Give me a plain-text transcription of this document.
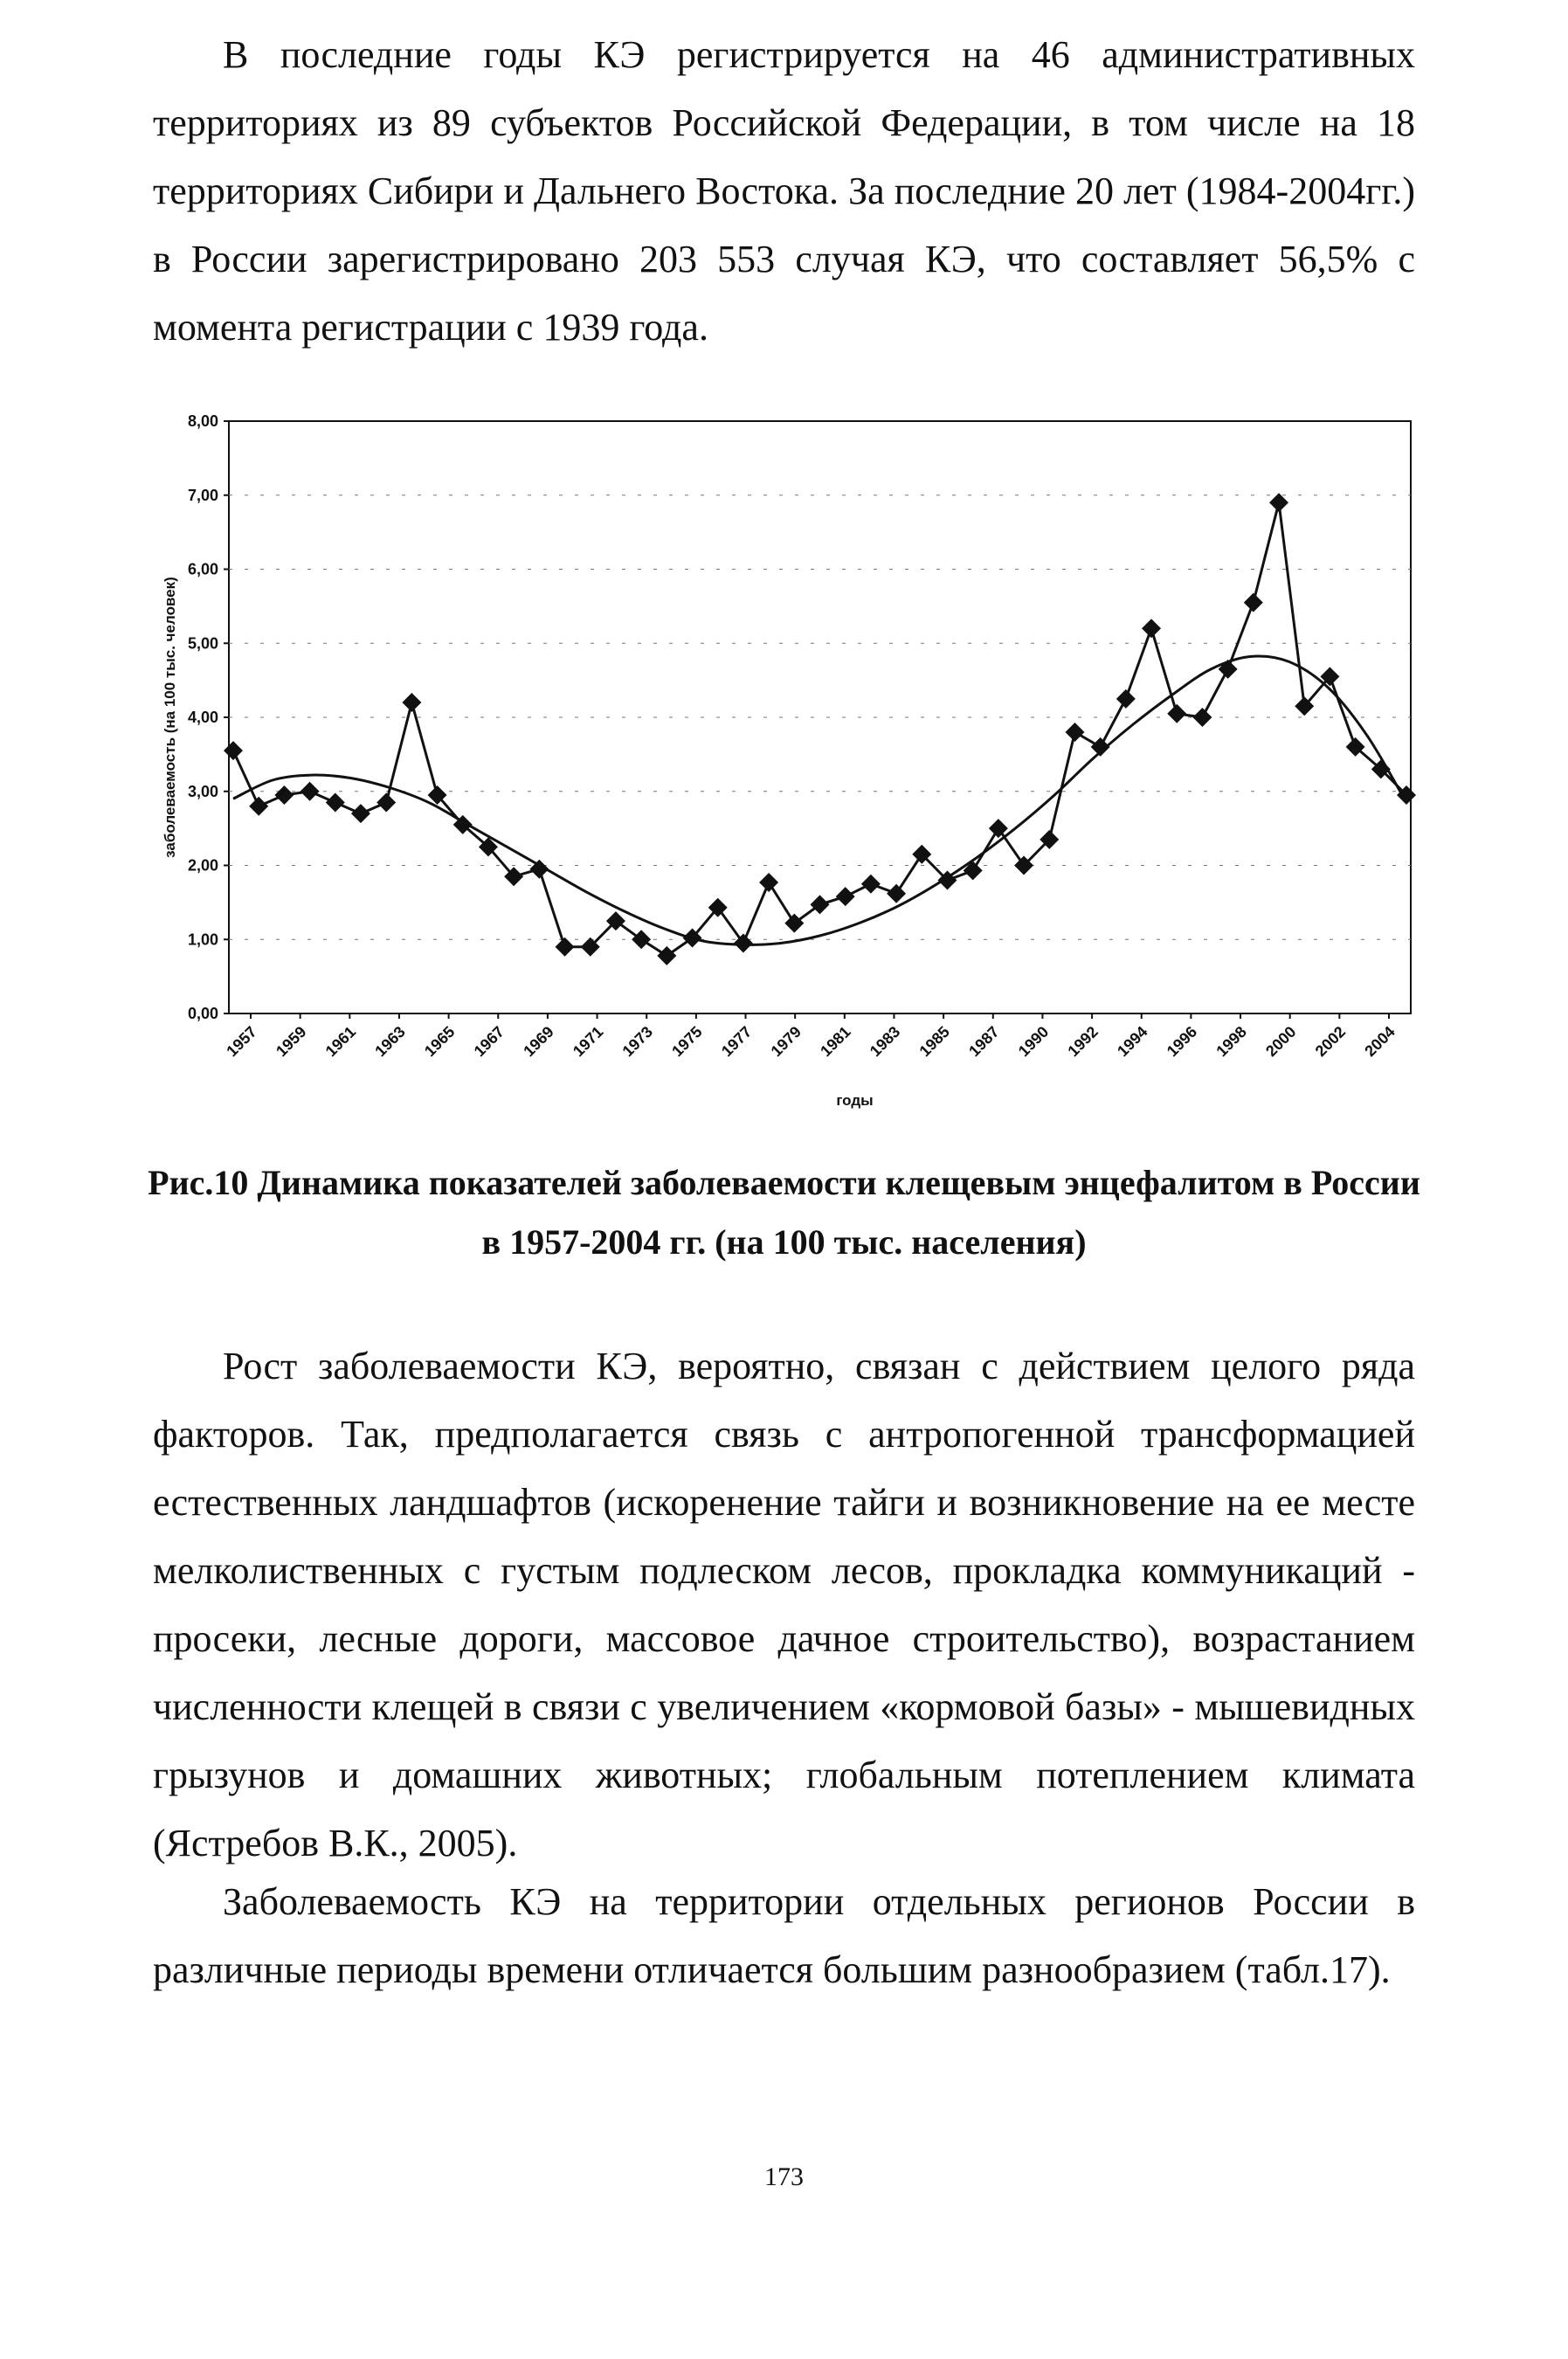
В последние годы КЭ регистрируется на 46 административных территориях из 89 субъектов Российской Федерации, в том числе на 18 территориях Сибири и Дальнего Востока. За последние 20 лет (1984-2004гг.) в России зарегистрировано 203 553 случая КЭ, что составляет 56,5% с момента регистрации с 1939 года.

0,00
1,00
2,00
3,00
4,00
5,00
6,00
7,00
8,00
заболеваемость (на 100 тыс. человек)
1957 1959 1961 1963 1965 1967 1969 1971 1973 1975 1977 1979 1981 1983 1985 1987 1990 1992 1994 1996 1998 2000 2002 2004
годы
Рис.10 Динамика показателей заболеваемости клещевым энцефалитом в России
в 1957-2004 гг. (на 100 тыс. населения)

Рост заболеваемости КЭ, вероятно, связан с действием целого ряда факторов. Так, предполагается связь с антропогенной трансформацией естественных ландшафтов (искоренение тайги и возникновение на ее месте мелколиственных с густым подлеском лесов, прокладка коммуникаций - просеки, лесные дороги, массовое дачное строительство), возрастанием численности клещей в связи с увеличением «кормовой базы» - мышевидных грызунов и домашних животных; глобальным потеплением климата (Ястребов В.К., 2005).

Заболеваемость КЭ на территории отдельных регионов России в различные периоды времени отличается большим разнообразием (табл.17).

173
